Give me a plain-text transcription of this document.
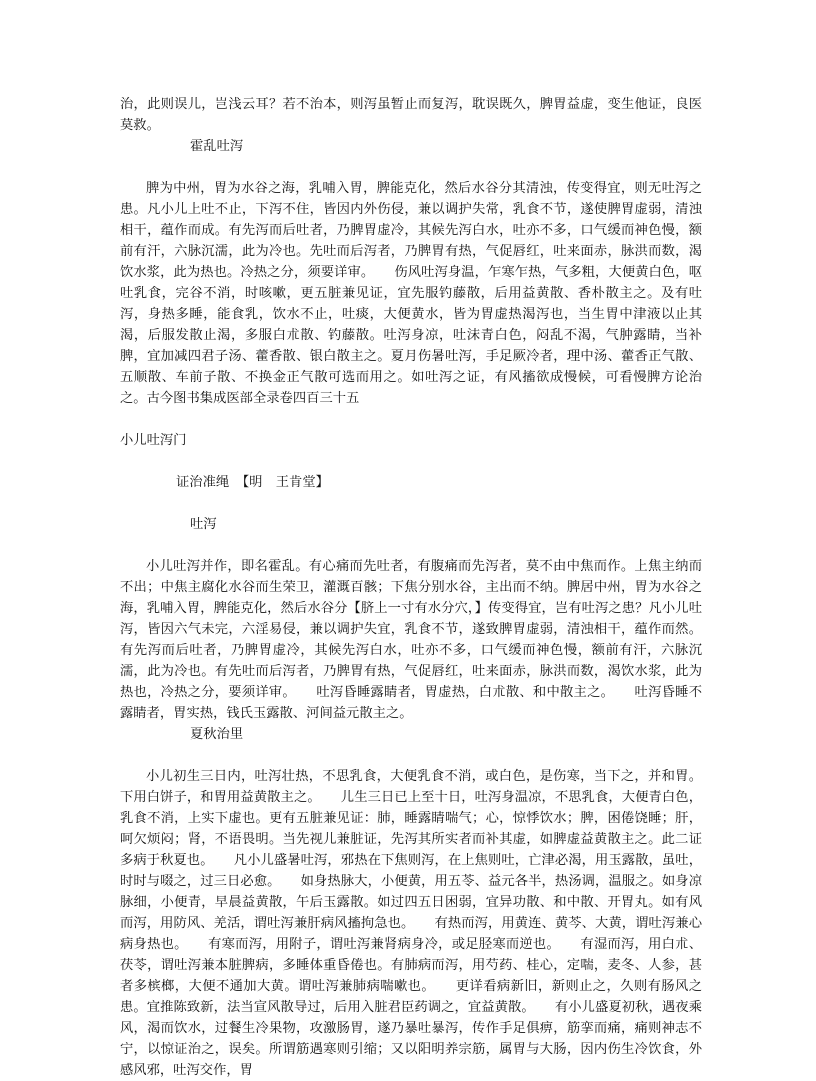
治，此则误儿，岂浅云耳？若不治本，则泻虽暂止而复泻，耽误既久，脾胃益虚，变生他证，良医莫救。

霍乱吐泻

脾为中州，胃为水谷之海，乳哺入胃，脾能克化，然后水谷分其清浊，传变得宜，则无吐泻之患。凡小儿上吐不止，下泻不住，皆因内外伤侵，兼以调护失常，乳食不节，遂使脾胃虚弱，清浊相干，蕴作而成。有先泻而后吐者，乃脾胃虚冷，其候先泻白水，吐亦不多，口气缓而神色慢，额前有汗，六脉沉濡，此为冷也。先吐而后泻者，乃脾胃有热，气促唇红，吐来面赤，脉洪而数，渴饮水浆，此为热也。冷热之分，须要详审。　　伤风吐泻身温，乍寒乍热，气多粗，大便黄白色，呕吐乳食，完谷不消，时咳嗽，更五脏兼见证，宜先服钓藤散，后用益黄散、香朴散主之。及有吐泻，身热多睡，能食乳，饮水不止，吐痰，大便黄水，皆为胃虚热渴泻也，当生胃中津液以止其渴，后服发散止渴，多服白朮散、钓藤散。吐泻身凉，吐沫青白色，闷乱不渴，气肿露睛，当补脾，宜加减四君子汤、藿香散、银白散主之。夏月伤暑吐泻，手足厥冷者，理中汤、藿香正气散、五顺散、车前子散、不换金正气散可选而用之。如吐泻之证，有风搐欲成慢候，可看慢脾方论治之。古今图书集成医部全录卷四百三十五

小儿吐泻门
证治准绳　【明　王肯堂】
吐泻

小儿吐泻并作，即名霍乱。有心痛而先吐者，有腹痛而先泻者，莫不由中焦而作。上焦主纳而不出；中焦主腐化水谷而生荣卫，灌溉百骸；下焦分别水谷，主出而不纳。脾居中州，胃为水谷之海，乳哺入胃，脾能克化，然后水谷分【脐上一寸有水分穴，】传变得宜，岂有吐泻之患？凡小儿吐泻，皆因六气未完，六淫易侵，兼以调护失宜，乳食不节，遂致脾胃虚弱，清浊相干，蕴作而然。有先泻而后吐者，乃脾胃虚冷，其候先泻白水，吐亦不多，口气缓而神色慢，额前有汗，六脉沉濡，此为冷也。有先吐而后泻者，乃脾胃有热，气促唇红，吐来面赤，脉洪而数，渴饮水浆，此为热也，冷热之分，要须详审。　　吐泻昏睡露睛者，胃虚热，白朮散、和中散主之。　　吐泻昏睡不露睛者，胃实热，钱氏玉露散、河间益元散主之。

夏秋治里

小儿初生三日内，吐泻壮热，不思乳食，大便乳食不消，或白色，是伤寒，当下之，并和胃。下用白饼子，和胃用益黄散主之。　　儿生三日已上至十日，吐泻身温凉，不思乳食，大便青白色，乳食不消，上实下虚也。更有五脏兼见证：肺，睡露睛喘气；心，惊悸饮水；脾，困倦饶睡；肝，呵欠烦闷；肾，不语畏明。当先视儿兼脏证，先泻其所实者而补其虚，如脾虚益黄散主之。此二证多病于秋夏也。　　凡小儿盛暑吐泻，邪热在下焦则泻，在上焦则吐，亡津必渴，用玉露散，虽吐，时时与啜之，过三日必愈。　　如身热脉大，小便黄，用五苓、益元各半，热汤调，温服之。如身凉脉细，小便青，早晨益黄散，午后玉露散。如过四五日困弱，宜异功散、和中散、开胃丸。如有风而泻，用防风、羌活，谓吐泻兼肝病风搐拘急也。　　有热而泻，用黄连、黄芩、大黄，谓吐泻兼心病身热也。　　有寒而泻，用附子，谓吐泻兼肾病身冷，或足胫寒而逆也。　　有湿而泻，用白朮、茯苓，谓吐泻兼本脏脾病，多睡体重昏倦也。有肺病而泻，用芍药、桂心，定喘，麦冬、人参，甚者多槟榔，大便不通加大黄。谓吐泻兼肺病喘嗽也。　　更详看病新旧，新则止之，久则有肠风之患。宜推陈致新，法当宣风散导过，后用入脏君臣药调之，宜益黄散。　　有小儿盛夏初秋，遇夜乘风，渴而饮水，过餐生冷果物，攻激肠胃，遂乃暴吐暴泻，传作手足俱痹，筋挛而痛，痛则神志不宁，以惊证治之，误矣。所谓筋遇寒则引缩；又以阳明养宗筋，属胃与大肠，因内伤生冷饮食，外感风邪，吐泻交作，胃
